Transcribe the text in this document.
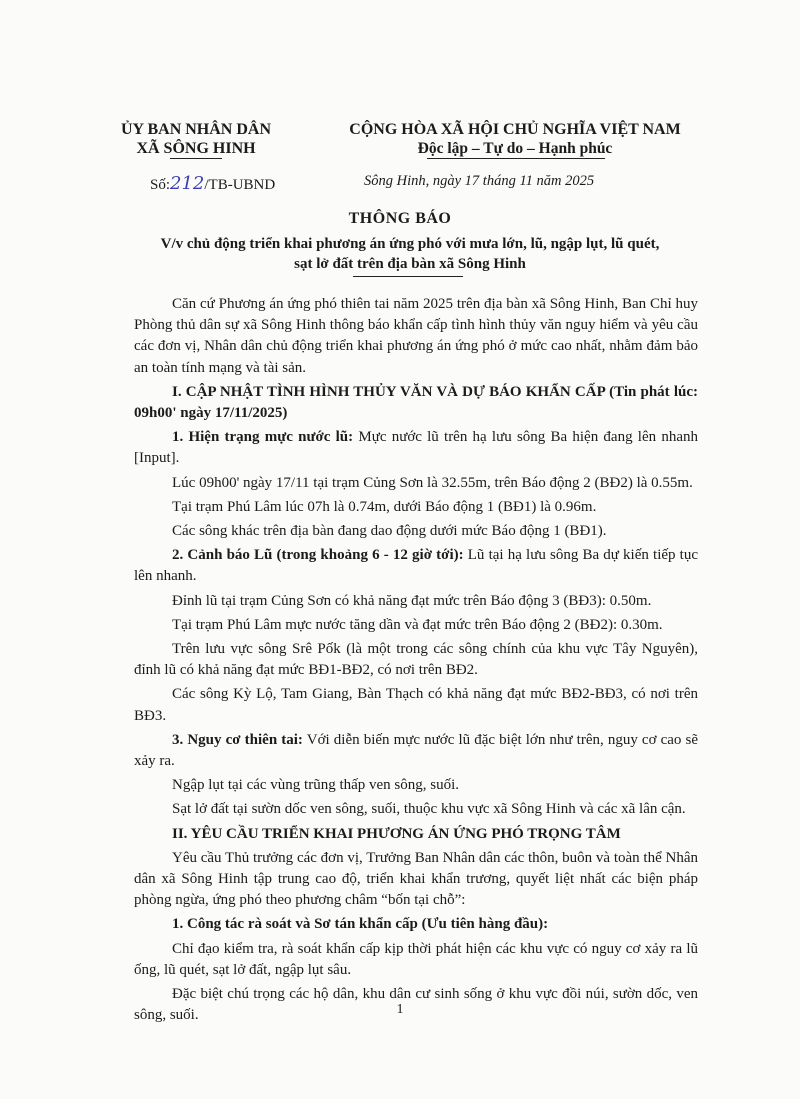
ỦY BAN NHÂN DÂN
XÃ SÔNG HINH
CỘNG HÒA XÃ HỘI CHỦ NGHĨA VIỆT NAM
Độc lập – Tự do – Hạnh phúc
Số:212/TB-UBND	Sông Hinh, ngày 17 tháng 11 năm 2025
THÔNG BÁO
V/v chủ động triển khai phương án ứng phó với mưa lớn, lũ, ngập lụt, lũ quét,
sạt lở đất trên địa bàn xã Sông Hinh

Căn cứ Phương án ứng phó thiên tai năm 2025 trên địa bàn xã Sông Hinh, Ban Chỉ huy Phòng thủ dân sự xã Sông Hinh thông báo khẩn cấp tình hình thủy văn nguy hiểm và yêu cầu các đơn vị, Nhân dân chủ động triển khai phương án ứng phó ở mức cao nhất, nhằm đảm bảo an toàn tính mạng và tài sản.

I. CẬP NHẬT TÌNH HÌNH THỦY VĂN VÀ DỰ BÁO KHẨN CẤP (Tin phát lúc: 09h00' ngày 17/11/2025)

1. Hiện trạng mực nước lũ: Mực nước lũ trên hạ lưu sông Ba hiện đang lên nhanh [Input].

Lúc 09h00' ngày 17/11 tại trạm Củng Sơn là 32.55m, trên Báo động 2 (BĐ2) là 0.55m.

Tại trạm Phú Lâm lúc 07h là 0.74m, dưới Báo động 1 (BĐ1) là 0.96m.

Các sông khác trên địa bàn đang dao động dưới mức Báo động 1 (BĐ1).

2. Cảnh báo Lũ (trong khoảng 6 - 12 giờ tới): Lũ tại hạ lưu sông Ba dự kiến tiếp tục lên nhanh.

Đỉnh lũ tại trạm Củng Sơn có khả năng đạt mức trên Báo động 3 (BĐ3): 0.50m.

Tại trạm Phú Lâm mực nước tăng dần và đạt mức trên Báo động 2 (BĐ2): 0.30m.

Trên lưu vực sông Srê Pốk (là một trong các sông chính của khu vực Tây Nguyên), đỉnh lũ có khả năng đạt mức BĐ1-BĐ2, có nơi trên BĐ2.

Các sông Kỳ Lộ, Tam Giang, Bàn Thạch có khả năng đạt mức BĐ2-BĐ3, có nơi trên BĐ3.

3. Nguy cơ thiên tai: Với diễn biến mực nước lũ đặc biệt lớn như trên, nguy cơ cao sẽ xảy ra.

Ngập lụt tại các vùng trũng thấp ven sông, suối.

Sạt lở đất tại sườn dốc ven sông, suối, thuộc khu vực xã Sông Hinh và các xã lân cận.

II. YÊU CẦU TRIỂN KHAI PHƯƠNG ÁN ỨNG PHÓ TRỌNG TÂM

Yêu cầu Thủ trưởng các đơn vị, Trưởng Ban Nhân dân các thôn, buôn và toàn thể Nhân dân xã Sông Hinh tập trung cao độ, triển khai khẩn trương, quyết liệt nhất các biện pháp phòng ngừa, ứng phó theo phương châm “bốn tại chỗ”:

1. Công tác rà soát và Sơ tán khẩn cấp (Ưu tiên hàng đầu):

Chỉ đạo kiểm tra, rà soát khẩn cấp kịp thời phát hiện các khu vực có nguy cơ xảy ra lũ ống, lũ quét, sạt lở đất, ngập lụt sâu.

Đặc biệt chú trọng các hộ dân, khu dân cư sinh sống ở khu vực đồi núi, sườn dốc, ven sông, suối.	1
